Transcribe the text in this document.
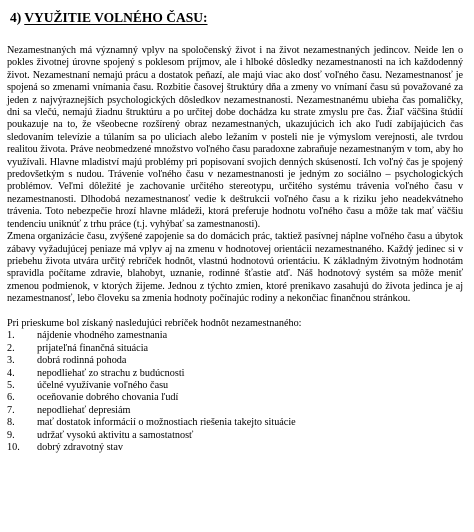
4) VYUŽITIE VOLNÉHO ČASU:

Nezamestnaných má významný vplyv na spoločenský život i na život nezamestnaných jedincov. Neide len o pokles životnej úrovne spojený s poklesom príjmov, ale i hlboké dôsledky nezamestnanosti na ich každodenný život. Nezamestnaní nemajú prácu a dostatok peňazí, ale majú viac ako dosť voľného času. Nezamestnanosť je spojená so zmenami vnímania času. Rozbitie časovej štruktúry dňa a zmeny vo vnímaní času sú považované za jeden z najvýraznejších psychologických dôsledkov nezamestnanosti. Nezamestnanému ubieha čas pomaličky, dni sa vlečú, nemajú žiadnu štruktúru a po určitej dobe dochádza ku strate zmyslu pre čas. Žiaľ väčšina štúdií poukazuje na to, že všeobecne rozšírený obraz nezamestnaných, ukazujúcich ich ako ľudí zabíjajúcich čas sledovaním televízie a túlaním sa po uliciach alebo ležaním v posteli nie je výmyslom verejnosti, ale tvrdou realitou života. Práve neobmedzené množstvo voľného času paradoxne zabraňuje nezamestnaným v tom, aby ho využívali. Hlavne mladiství majú problémy pri popisovaní svojich denných skúseností. Ich voľný čas je spojený predovšetkým s nudou. Trávenie voľného času v nezamestnanosti je jedným zo sociálno – psychologických problémov. Veľmi dôležité je zachovanie určitého stereotypu, určitého systému trávenia voľného času v nezamestnanosti. Dlhodobá nezamestnanosť vedie k deštrukcii voľného času a k riziku jeho neadekvátneho trávenia. Toto nebezpečie hrozí hlavne mládeži, ktorá preferuje hodnotu voľného času a môže tak mať väčšiu tendenciu uniknúť z trhu práce (t.j. vyhýbať sa zamestnanosti).

Zmena organizácie času, zvýšené zapojenie sa do domácich prác, taktiež pasívnej náplne voľného času a úbytok zábavy vyžadujúcej peniaze má vplyv aj na zmenu v hodnotovej orientácii nezamestnaného. Každý jedinec si v priebehu života utvára určitý rebríček hodnôt, vlastnú hodnotovú orientáciu. K základným životným hodnotám spravidla počítame zdravie, blahobyt, uznanie, rodinné šťastie atď. Náš hodnotový systém sa môže meniť zmenou podmienok, v ktorých žijeme. Jednou z týchto zmien, ktoré prenikavo zasahujú do života jedinca je aj nezamestnanosť, lebo človeku sa zmenia hodnoty počínajúc rodiny a nekončiac finančnou stránkou.

Pri prieskume bol získaný nasledujúci rebríček hodnôt nezamestnaného:

1.	nájdenie vhodného zamestnania
2.	prijateľná finančná situácia
3.	dobrá rodinná pohoda
4.	nepodliehať zo strachu z budúcnosti
5.	účelné využívanie voľného času
6.	oceňovanie dobrého chovania ľudí
7.	nepodliehať depresiám
8.	mať dostatok informácií o možnostiach riešenia takejto situácie
9.	udržať vysokú aktivitu a samostatnosť
10.	dobrý zdravotný stav
